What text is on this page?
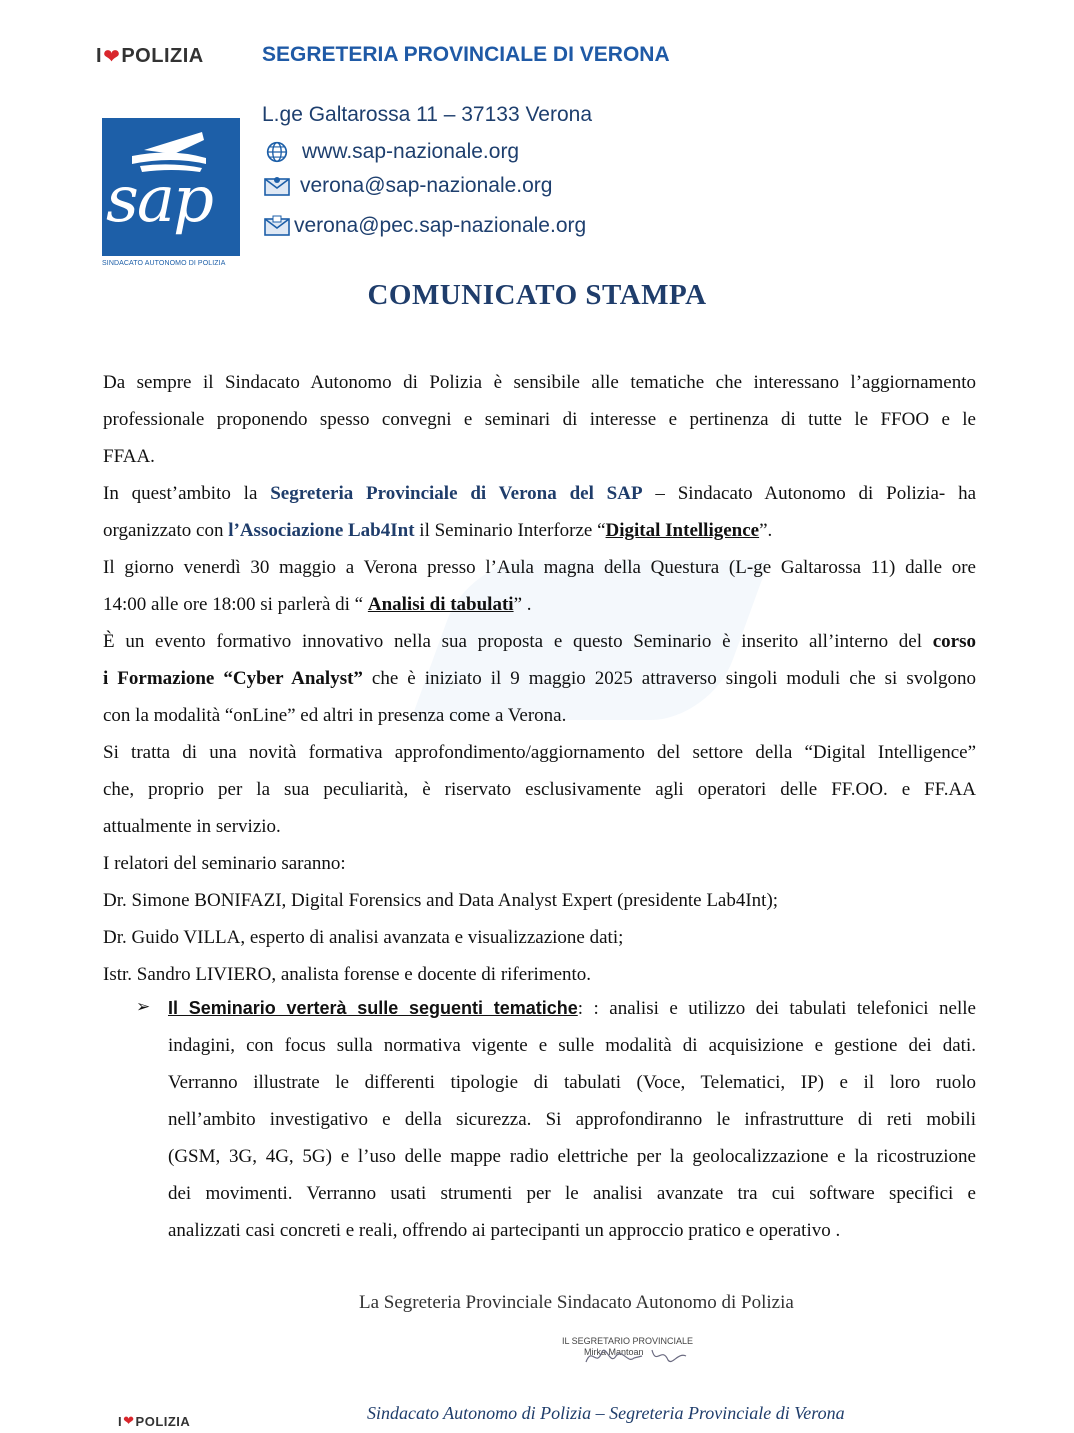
I ❤ POLIZIA	SEGRETERIA PROVINCIALE DI VERONA
sap
SINDACATO AUTONOMO DI POLIZIA
L.ge Galtarossa 11 – 37133 Verona
www.sap-nazionale.org
verona@sap-nazionale.org
verona@pec.sap-nazionale.org
COMUNICATO STAMPA
Da sempre il Sindacato Autonomo di Polizia è sensibile alle tematiche che interessano l’aggiornamento
professionale proponendo spesso convegni e seminari di interesse e pertinenza di tutte le FFOO e le
FFAA.
In quest’ambito la Segreteria Provinciale di Verona del SAP – Sindacato Autonomo di Polizia- ha
organizzato con l’Associazione Lab4Int il Seminario Interforze “Digital Intelligence”.
Il giorno venerdì 30 maggio a Verona presso l’Aula magna della Questura (L-ge Galtarossa 11) dalle ore
14:00 alle ore 18:00 si parlerà di “ Analisi di tabulati” .
È un evento formativo innovativo nella sua proposta e questo Seminario è inserito all’interno del corso
i Formazione “Cyber Analyst” che è iniziato il 9 maggio 2025 attraverso singoli moduli che si svolgono
con la modalità “onLine” ed altri in presenza come a Verona.
Si tratta di una novità formativa approfondimento/aggiornamento del settore della “Digital Intelligence”
che, proprio per la sua peculiarità, è riservato esclusivamente agli operatori delle FF.OO. e FF.AA
attualmente in servizio.
I relatori del seminario saranno:
Dr. Simone BONIFAZI, Digital Forensics and Data Analyst Expert (presidente Lab4Int);
Dr. Guido VILLA, esperto di analisi avanzata e visualizzazione dati;
Istr. Sandro LIVIERO, analista forense e docente di riferimento.
➢ Il Seminario verterà sulle seguenti tematiche: : analisi e utilizzo dei tabulati telefonici nelle
indagini, con focus sulla normativa vigente e sulle modalità di acquisizione e gestione dei dati.
Verranno illustrate le differenti tipologie di tabulati (Voce, Telematici, IP) e il loro ruolo
nell’ambito investigativo e della sicurezza. Si approfondiranno le infrastrutture di reti mobili
(GSM, 3G, 4G, 5G) e l’uso delle mappe radio elettriche per la geolocalizzazione e la ricostruzione
dei movimenti. Verranno usati strumenti per le analisi avanzate tra cui software specifici e
analizzati casi concreti e reali, offrendo ai partecipanti un approccio pratico e operativo .
La Segreteria Provinciale Sindacato Autonomo di Polizia
IL SEGRETARIO PROVINCIALE
Mirka Mantoan
I ❤ POLIZIA	Sindacato Autonomo di Polizia – Segreteria Provinciale di Verona
